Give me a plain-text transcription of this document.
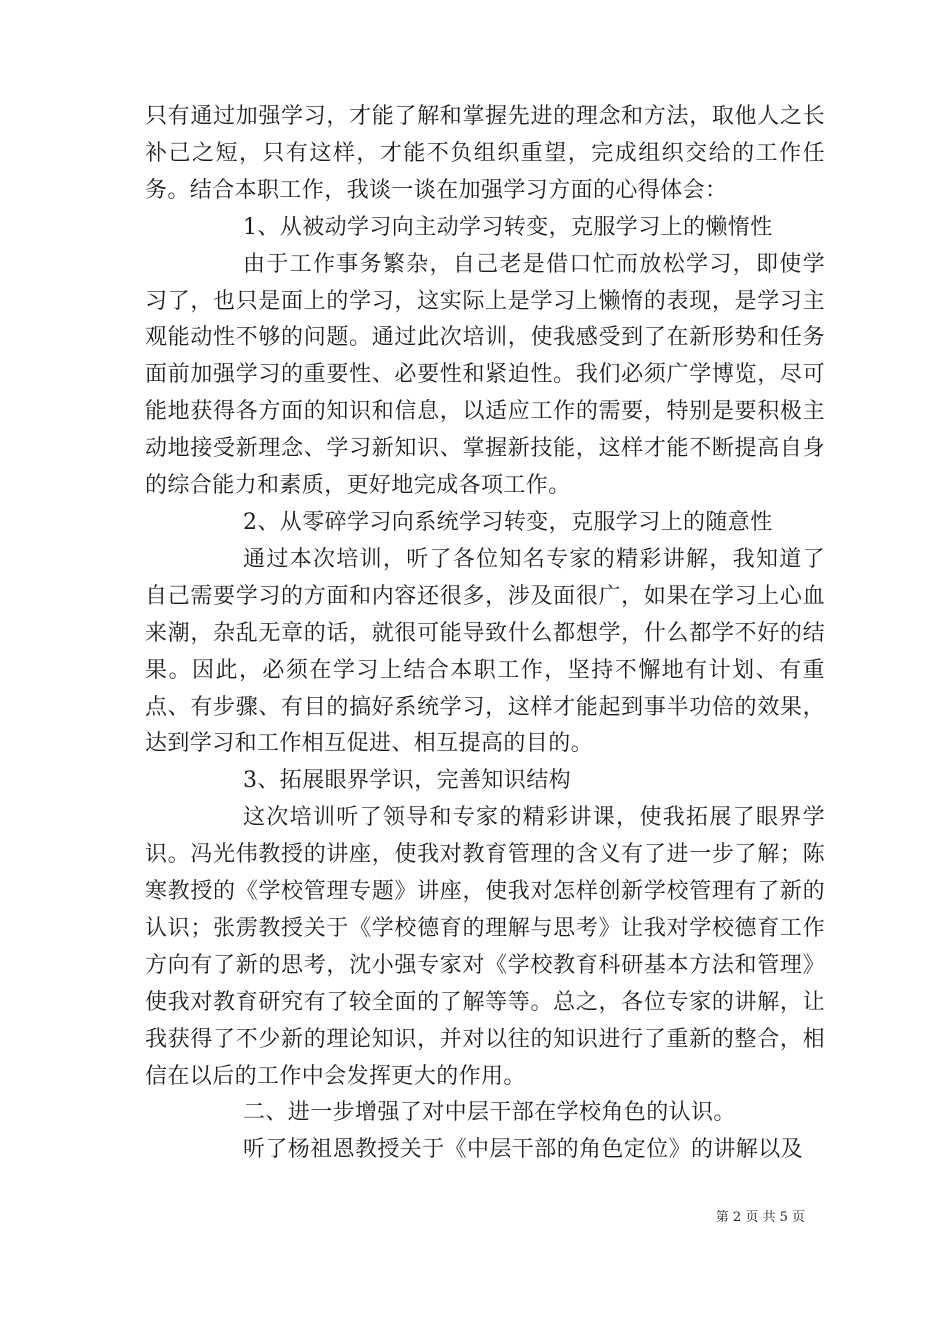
只有通过加强学习，才能了解和掌握先进的理念和方法，取他人之长补己之短，只有这样，才能不负组织重望，完成组织交给的工作任务。结合本职工作，我谈一谈在加强学习方面的心得体会：

1、从被动学习向主动学习转变，克服学习上的懒惰性

由于工作事务繁杂，自己老是借口忙而放松学习，即使学习了，也只是面上的学习，这实际上是学习上懒惰的表现，是学习主观能动性不够的问题。通过此次培训，使我感受到了在新形势和任务面前加强学习的重要性、必要性和紧迫性。我们必须广学博览，尽可能地获得各方面的知识和信息，以适应工作的需要，特别是要积极主动地接受新理念、学习新知识、掌握新技能，这样才能不断提高自身的综合能力和素质，更好地完成各项工作。

2、从零碎学习向系统学习转变，克服学习上的随意性

通过本次培训，听了各位知名专家的精彩讲解，我知道了自己需要学习的方面和内容还很多，涉及面很广，如果在学习上心血来潮，杂乱无章的话，就很可能导致什么都想学，什么都学不好的结果。因此，必须在学习上结合本职工作，坚持不懈地有计划、有重点、有步骤、有目的搞好系统学习，这样才能起到事半功倍的效果，达到学习和工作相互促进、相互提高的目的。

3、拓展眼界学识，完善知识结构

这次培训听了领导和专家的精彩讲课，使我拓展了眼界学识。冯光伟教授的讲座，使我对教育管理的含义有了进一步了解；陈寒教授的《学校管理专题》讲座，使我对怎样创新学校管理有了新的认识；张雳教授关于《学校德育的理解与思考》让我对学校德育工作方向有了新的思考，沈小强专家对《学校教育科研基本方法和管理》使我对教育研究有了较全面的了解等等。总之，各位专家的讲解，让我获得了不少新的理论知识，并对以往的知识进行了重新的整合，相信在以后的工作中会发挥更大的作用。

二、进一步增强了对中层干部在学校角色的认识。

听了杨祖恩教授关于《中层干部的角色定位》的讲解以及

第 2 页 共 5 页
